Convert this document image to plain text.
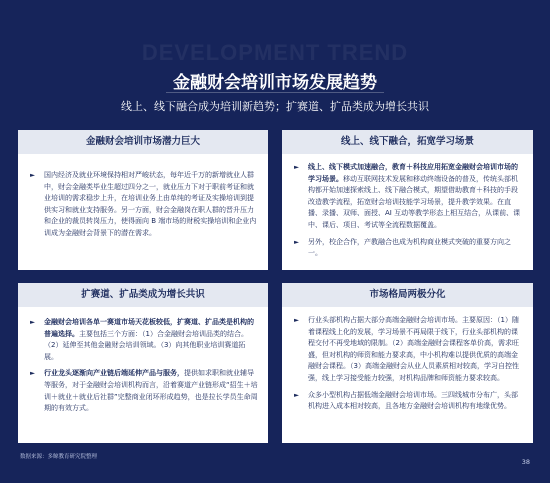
DEVELOPMENT TREND
金融财会培训市场发展趋势
线上、线下融合成为培训新趋势；扩赛道、扩品类成为增长共识
金融财会培训市场潜力巨大
► 国内经济及就业环境保持相对严峻状态，每年近千万的新增就业人群中，财会金融类毕业生超过四分之一，就业压力下对于职前考证和就业培训的需求稳步上升，在培训业务上由单纯的考证及实操培训到提供实习和就业支持服务。另一方面，财会金融岗在职人群的晋升压力和企业的裁员转岗压力，使得面向 B 端市场的财税实操培训和企业内训成为金融财会背景下的潜在需求。
线上、线下融合，拓宽学习场景
► 线上、线下模式加速融合，教育＋科技应用拓宽金融财会培训市场的学习场景。移动互联网技术发展和移动终端设备的普及，传统头部机构都开始加速探索线上、线下融合模式，期望借助教育＋科技的手段改造教学流程，拓宽财会培训技能学习场景，提升教学效果。在直播、录播、双师、面授、AI 互动等教学形态上相互结合，从课前、课中、课后、项目、考试等全流程数据覆盖。
► 另外，校企合作，产教融合也成为机构商业模式突破的重要方向之一。
扩赛道、扩品类成为增长共识
► 金融财会培训各单一赛道市场天花板较低，扩赛道、扩品类是机构的普遍选择。主要包括三个方面：（1）合金融财会培训品类的结合。（2）延伸至其他金融财会培训领域。（3）向其他职业培训赛道拓展。
► 行业龙头逐渐向产业链后端延伸产品与服务，提供如求职和就业辅导等服务，对于金融财会培训机构而言，沿着赛道产业链形成“招生＋培训＋就业＋就业后社群”完整商业闭环形成趋势，也是拉长学员生命周期的有效方式。
市场格局两极分化
► 行业头部机构占据大部分高端金融财会培训市场。主要原因：（1）随着课程线上化的发展，学习场景不再局限于线下，行业头部机构的课程交付不再受地域的限制。（2）高端金融财会课程客单价高，需求旺盛，但对机构的师资和能力要求高，中小机构难以提供优质的高端金融财会课程。（3）高端金融财会从业人员素质相对较高，学习自控性强，线上学习接受能力较强，对机构品牌和师资能力要求较高。
► 众多小型机构占据低端金融财会培训市场。三四线城市分布广，头部机构进入成本相对较高，且各地方金融财会培训机构有地缘优势。
数据来源：多鲸教育研究院整理
38
